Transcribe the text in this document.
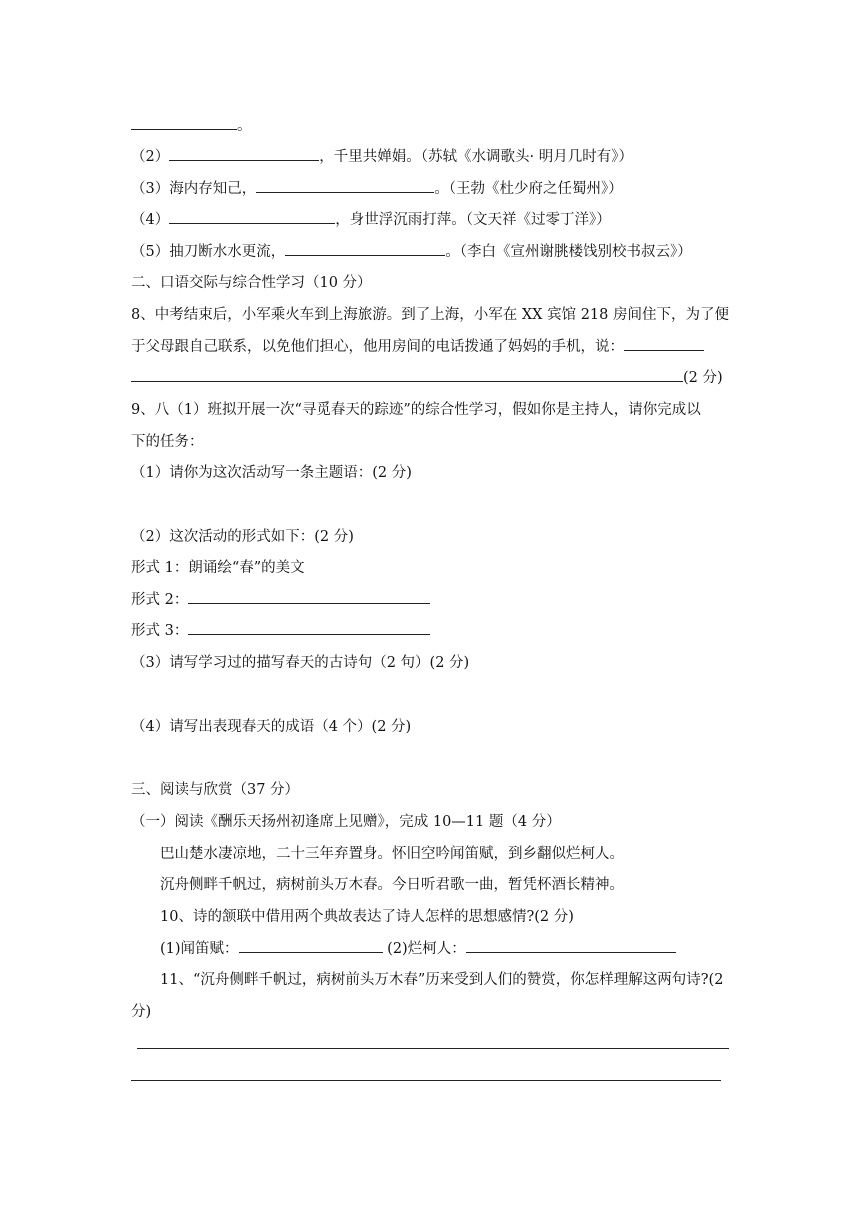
。
（2）	，千里共婵娟。（苏轼《水调歌头· 明月几时有》）
（3）海内存知己，	。（王勃《杜少府之任蜀州》）
（4）	，身世浮沉雨打萍。（文天祥《过零丁洋》）
（5）抽刀断水水更流，	。（李白《宣州谢朓楼饯别校书叔云》）
二、口语交际与综合性学习（10 分）
8、中考结束后，小军乘火车到上海旅游。到了上海，小军在 XX 宾馆 218 房间住下，为了便
于父母跟自己联系，以免他们担心，他用房间的电话拨通了妈妈的手机，说：
(2 分)
9、八（1）班拟开展一次“寻觅春天的踪迹”的综合性学习，假如你是主持人，请你完成以
下的任务：
（1）请你为这次活动写一条主题语：(2 分)
（2）这次活动的形式如下：(2 分)
形式 1：朗诵绘“春”的美文
形式 2：
形式 3：
（3）请写学习过的描写春天的古诗句（2 句）(2 分)
（4）请写出表现春天的成语（4 个）(2 分)
三、阅读与欣赏（37 分）
（一）阅读《酬乐天扬州初逢席上见赠》，完成 10—11 题（4 分）
巴山楚水凄凉地，二十三年弃置身。怀旧空吟闻笛赋，到乡翻似烂柯人。
沉舟侧畔千帆过，病树前头万木春。今日听君歌一曲，暂凭杯酒长精神。
10、诗的颔联中借用两个典故表达了诗人怎样的思想感情?(2 分)
(1)闻笛赋：	(2)烂柯人：
11、“沉舟侧畔千帆过，病树前头万木春”历来受到人们的赞赏，你怎样理解这两句诗?(2
分)
